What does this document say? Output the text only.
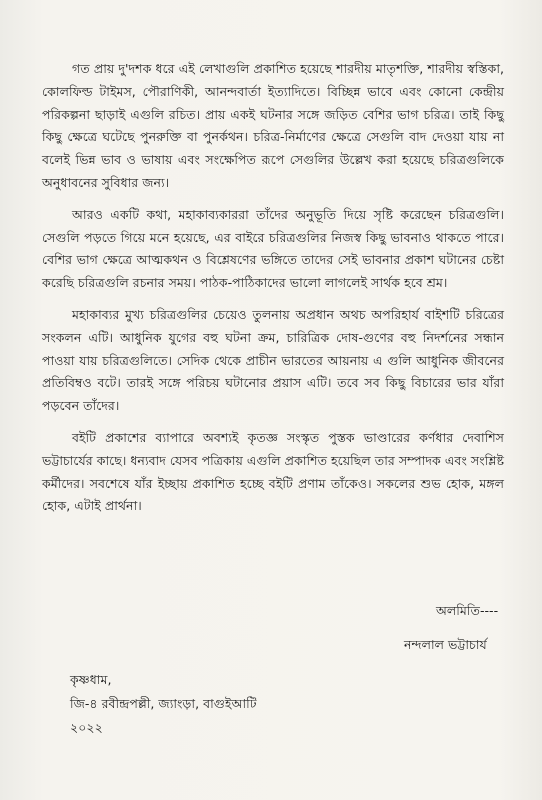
গত প্রায় দু'দশক ধরে এই লেখাগুলি প্রকাশিত হয়েছে শারদীয় মাতৃশক্তি, শারদীয় স্বস্তিকা, কোলফিল্ড টাইমস, পৌরাণিকী, আনন্দবার্তা ইত্যাদিতে। বিচ্ছিন্ন ভাবে এবং কোনো কেন্দ্রীয় পরিকল্পনা ছাড়াই এগুলি রচিত। প্রায় একই ঘটনার সঙ্গে জড়িত বেশির ভাগ চরিত্র। তাই কিছু কিছু ক্ষেত্রে ঘটেছে পুনরুক্তি বা পুনর্কথন। চরিত্র-নির্মাণের ক্ষেত্রে সেগুলি বাদ দেওয়া যায় না বলেই ভিন্ন ভাব ও ভাষায় এবং সংক্ষেপিত রূপে সেগুলির উল্লেখ করা হয়েছে চরিত্রগুলিকে অনুধাবনের সুবিধার জন্য।

আরও একটি কথা, মহাকাব্যকাররা তাঁদের অনুভূতি দিয়ে সৃষ্টি করেছেন চরিত্রগুলি। সেগুলি পড়তে গিয়ে মনে হয়েছে, এর বাইরে চরিত্রগুলির নিজস্ব কিছু ভাবনাও থাকতে পারে। বেশির ভাগ ক্ষেত্রে আত্মকথন ও বিশ্লেষণের ভঙ্গিতে তাদের সেই ভাবনার প্রকাশ ঘটানের চেষ্টা করেছি চরিত্রগুলি রচনার সময়। পাঠক-পাঠিকাদের ভালো লাগলেই সার্থক হবে শ্রম।

মহাকাব্যর মুখ্য চরিত্রগুলির চেয়েও তুলনায় অপ্রধান অথচ অপরিহার্য বাইশটি চরিত্রের সংকলন এটি। আধুনিক যুগের বহু ঘটনা ক্রম, চারিত্রিক দোষ-গুণের বহু নিদর্শনের সন্ধান পাওয়া যায় চরিত্রগুলিতে। সেদিক থেকে প্রাচীন ভারতের আয়নায় এ গুলি আধুনিক জীবনের প্রতিবিম্বও বটে। তারই সঙ্গে পরিচয় ঘটানোর প্রয়াস এটি। তবে সব কিছু বিচারের ভার যাঁরা পড়বেন তাঁদের।

বইটি প্রকাশের ব্যাপারে অবশ্যই কৃতজ্ঞ সংস্কৃত পুস্তক ভাণ্ডারের কর্ণধার দেবাশিস ভট্টাচার্যের কাছে। ধন্যবাদ যেসব পত্রিকায় এগুলি প্রকাশিত হয়েছিল তার সম্পাদক এবং সংশ্লিষ্ট কর্মীদের। সবশেষে যাঁর ইচ্ছায় প্রকাশিত হচ্ছে বইটি প্রণাম তাঁকেও। সকলের শুভ হোক, মঙ্গল হোক, এটাই প্রার্থনা।

অলমিতি----
নন্দলাল ভট্টাচার্য
কৃষ্ণধাম,
জি-৪ রবীন্দ্রপল্লী, জ্যাংড়া, বাগুইআটি
২০২২
